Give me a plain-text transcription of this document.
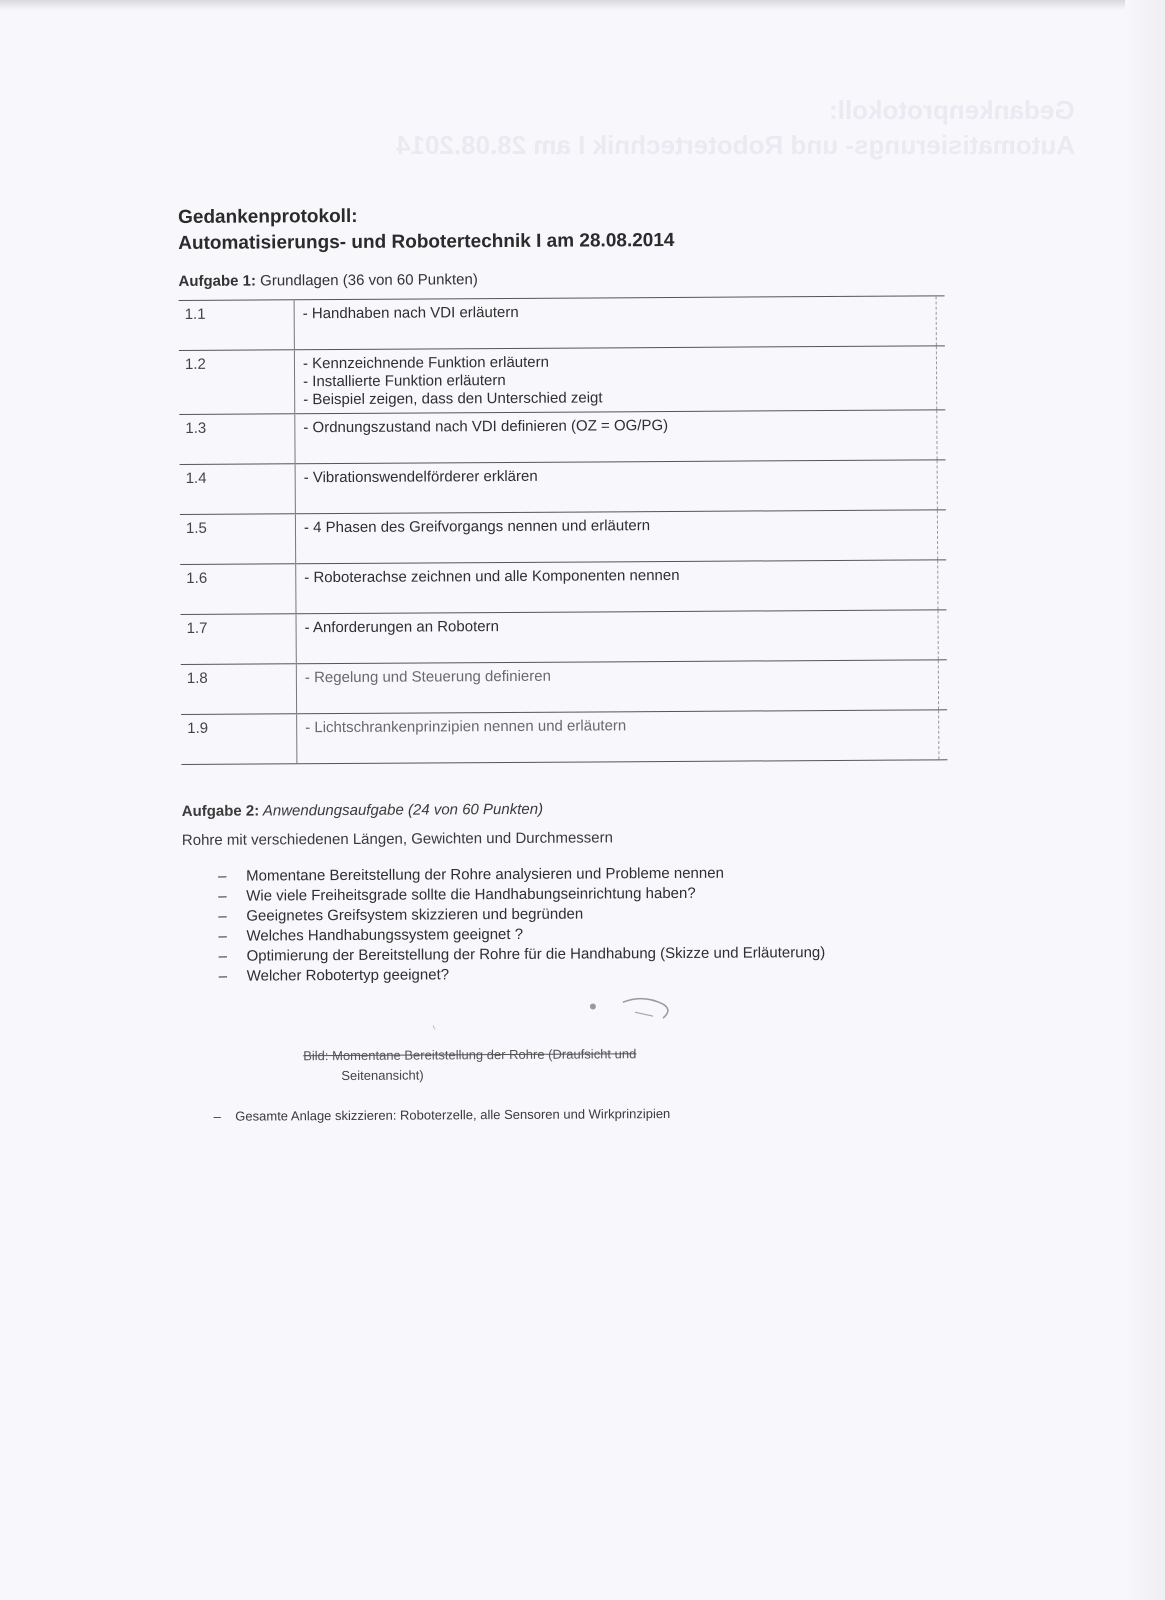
Gedankenprotokoll:
Automatisierungs- und Robotertechnik I am 28.08.2014
Gedankenprotokoll:
Automatisierungs- und Robotertechnik I am 28.08.2014
Aufgabe 1: Grundlagen (36 von 60 Punkten)
1.1	- Handhaben nach VDI erläutern	

1.2	- Kennzeichnende Funktion erläutern
- Installierte Funktion erläutern
- Beispiel zeigen, dass den Unterschied zeigt	

1.3	- Ordnungszustand nach VDI definieren (OZ = OG/PG)	

1.4	- Vibrationswendelförderer erklären	

1.5	- 4 Phasen des Greifvorgangs nennen und erläutern	

1.6	- Roboterachse zeichnen und alle Komponenten nennen	

1.7	- Anforderungen an Robotern	

1.8	- Regelung und Steuerung definieren	

1.9	- Lichtschrankenprinzipien nennen und erläutern	

Aufgabe 2: Anwendungsaufgabe (24 von 60 Punkten)
Rohre mit verschiedenen Längen, Gewichten und Durchmessern
– Momentane Bereitstellung der Rohre analysieren und Probleme nennen
– Wie viele Freiheitsgrade sollte die Handhabungseinrichtung haben?
– Geeignetes Greifsystem skizzieren und begründen
– Welches Handhabungssystem geeignet ?
– Optimierung der Bereitstellung der Rohre für die Handhabung (Skizze und Erläuterung)
– Welcher Robotertyp geeignet?
Bild: Momentane Bereitstellung der Rohre (Draufsicht und
Seitenansicht)
–    Gesamte Anlage skizzieren: Roboterzelle, alle Sensoren und Wirkprinzipien
